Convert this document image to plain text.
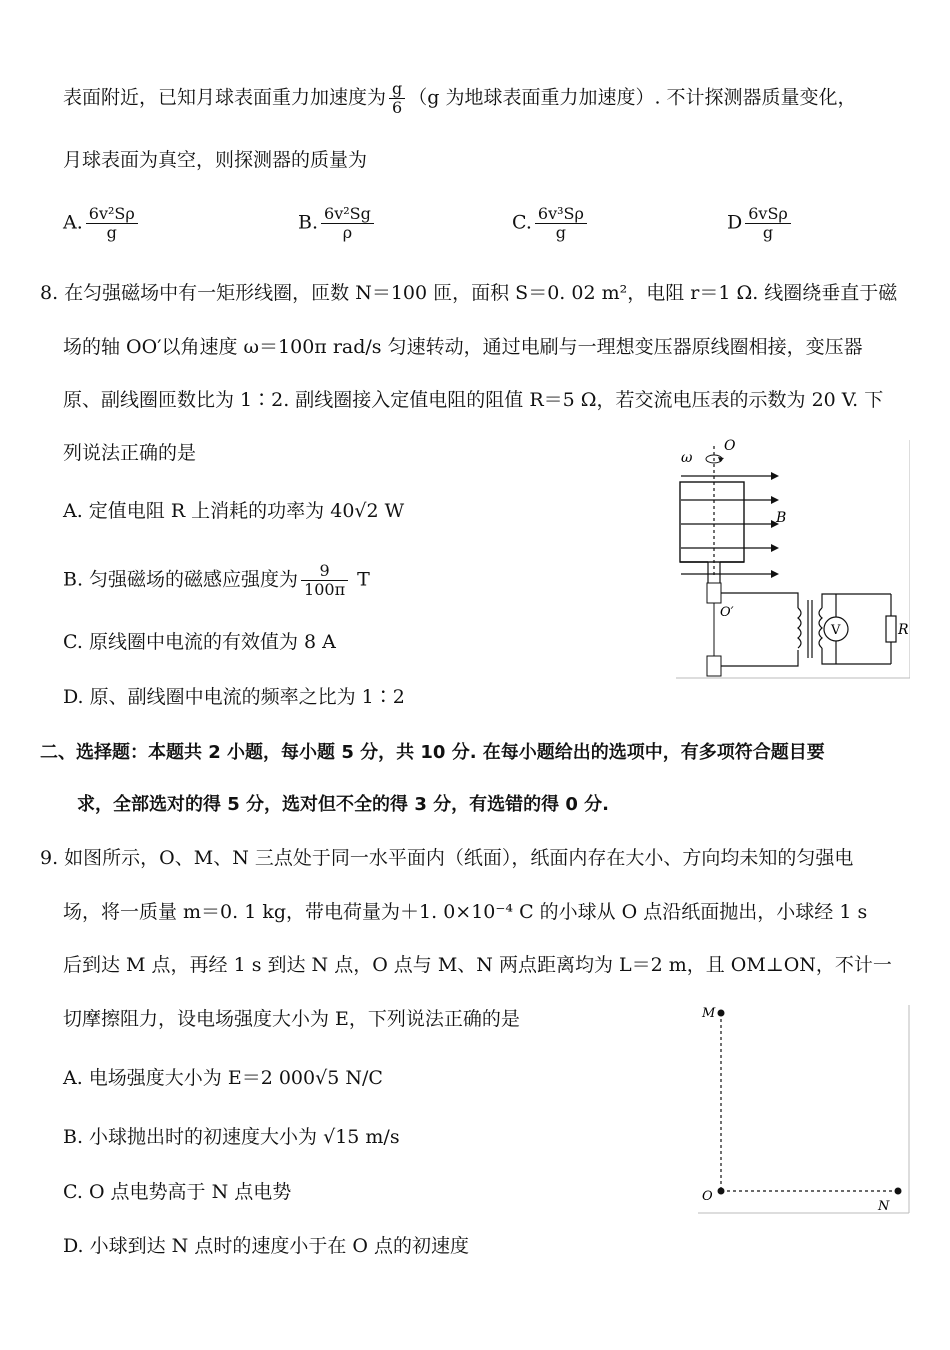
表面附近，已知月球表面重力加速度为 $\frac{g}{6} (g$ 为地球表面重力加速度）. 不计探测器质量变化，
月球表面为真空，则探测器的质量为
A. $\frac{\text{6v²Sρ}}{g}$	B. $\frac{\text{6v²Sg}}{\rho}$	C. $\frac{\text{6v³Sρ}}{g}$	D $\frac{\text{6vSρ}}{g}$
8. 在匀强磁场中有一矩形线圈，匝数 N＝100 匝，面积 S＝0. 02 m²，电阻 r＝1 Ω. 线圈绕垂直于磁
场的轴 OO′以角速度 ω＝100π rad/s 匀速转动，通过电刷与一理想变压器原线圈相接，变压器
原、副线圈匝数比为 1∶2. 副线圈接入定值电阻的阻值 R＝5 Ω，若交流电压表的示数为 20 V. 下
列说法正确的是
A. 定值电阻 R 上消耗的功率为 40√2 W
B. 匀强磁场的磁感应强度为 $\frac{9}{100\pi}$ T
C. 原线圈中电流的有效值为 8 A
D. 原、副线圈中电流的频率之比为 1∶2
ω
O
B
O′
V	R
二、选择题：本题共 2 小题，每小题 5 分，共 10 分. 在每小题给出的选项中，有多项符合题目要
求，全部选对的得 5 分，选对但不全的得 3 分，有选错的得 0 分.
9. 如图所示，O、M、N 三点处于同一水平面内（纸面），纸面内存在大小、方向均未知的匀强电
场，将一质量 m＝0. 1 kg，带电荷量为＋1. 0×10⁻⁴ C 的小球从 O 点沿纸面抛出，小球经 1 s
后到达 M 点，再经 1 s 到达 N 点，O 点与 M、N 两点距离均为 L＝2 m，且 OM⊥ON，不计一
切摩擦阻力，设电场强度大小为 E，下列说法正确的是
A. 电场强度大小为 E＝2 000√5 N/C
B. 小球抛出时的初速度大小为 √15 m/s
C. O 点电势高于 N 点电势
D. 小球到达 N 点时的速度小于在 O 点的初速度
M
O
N
